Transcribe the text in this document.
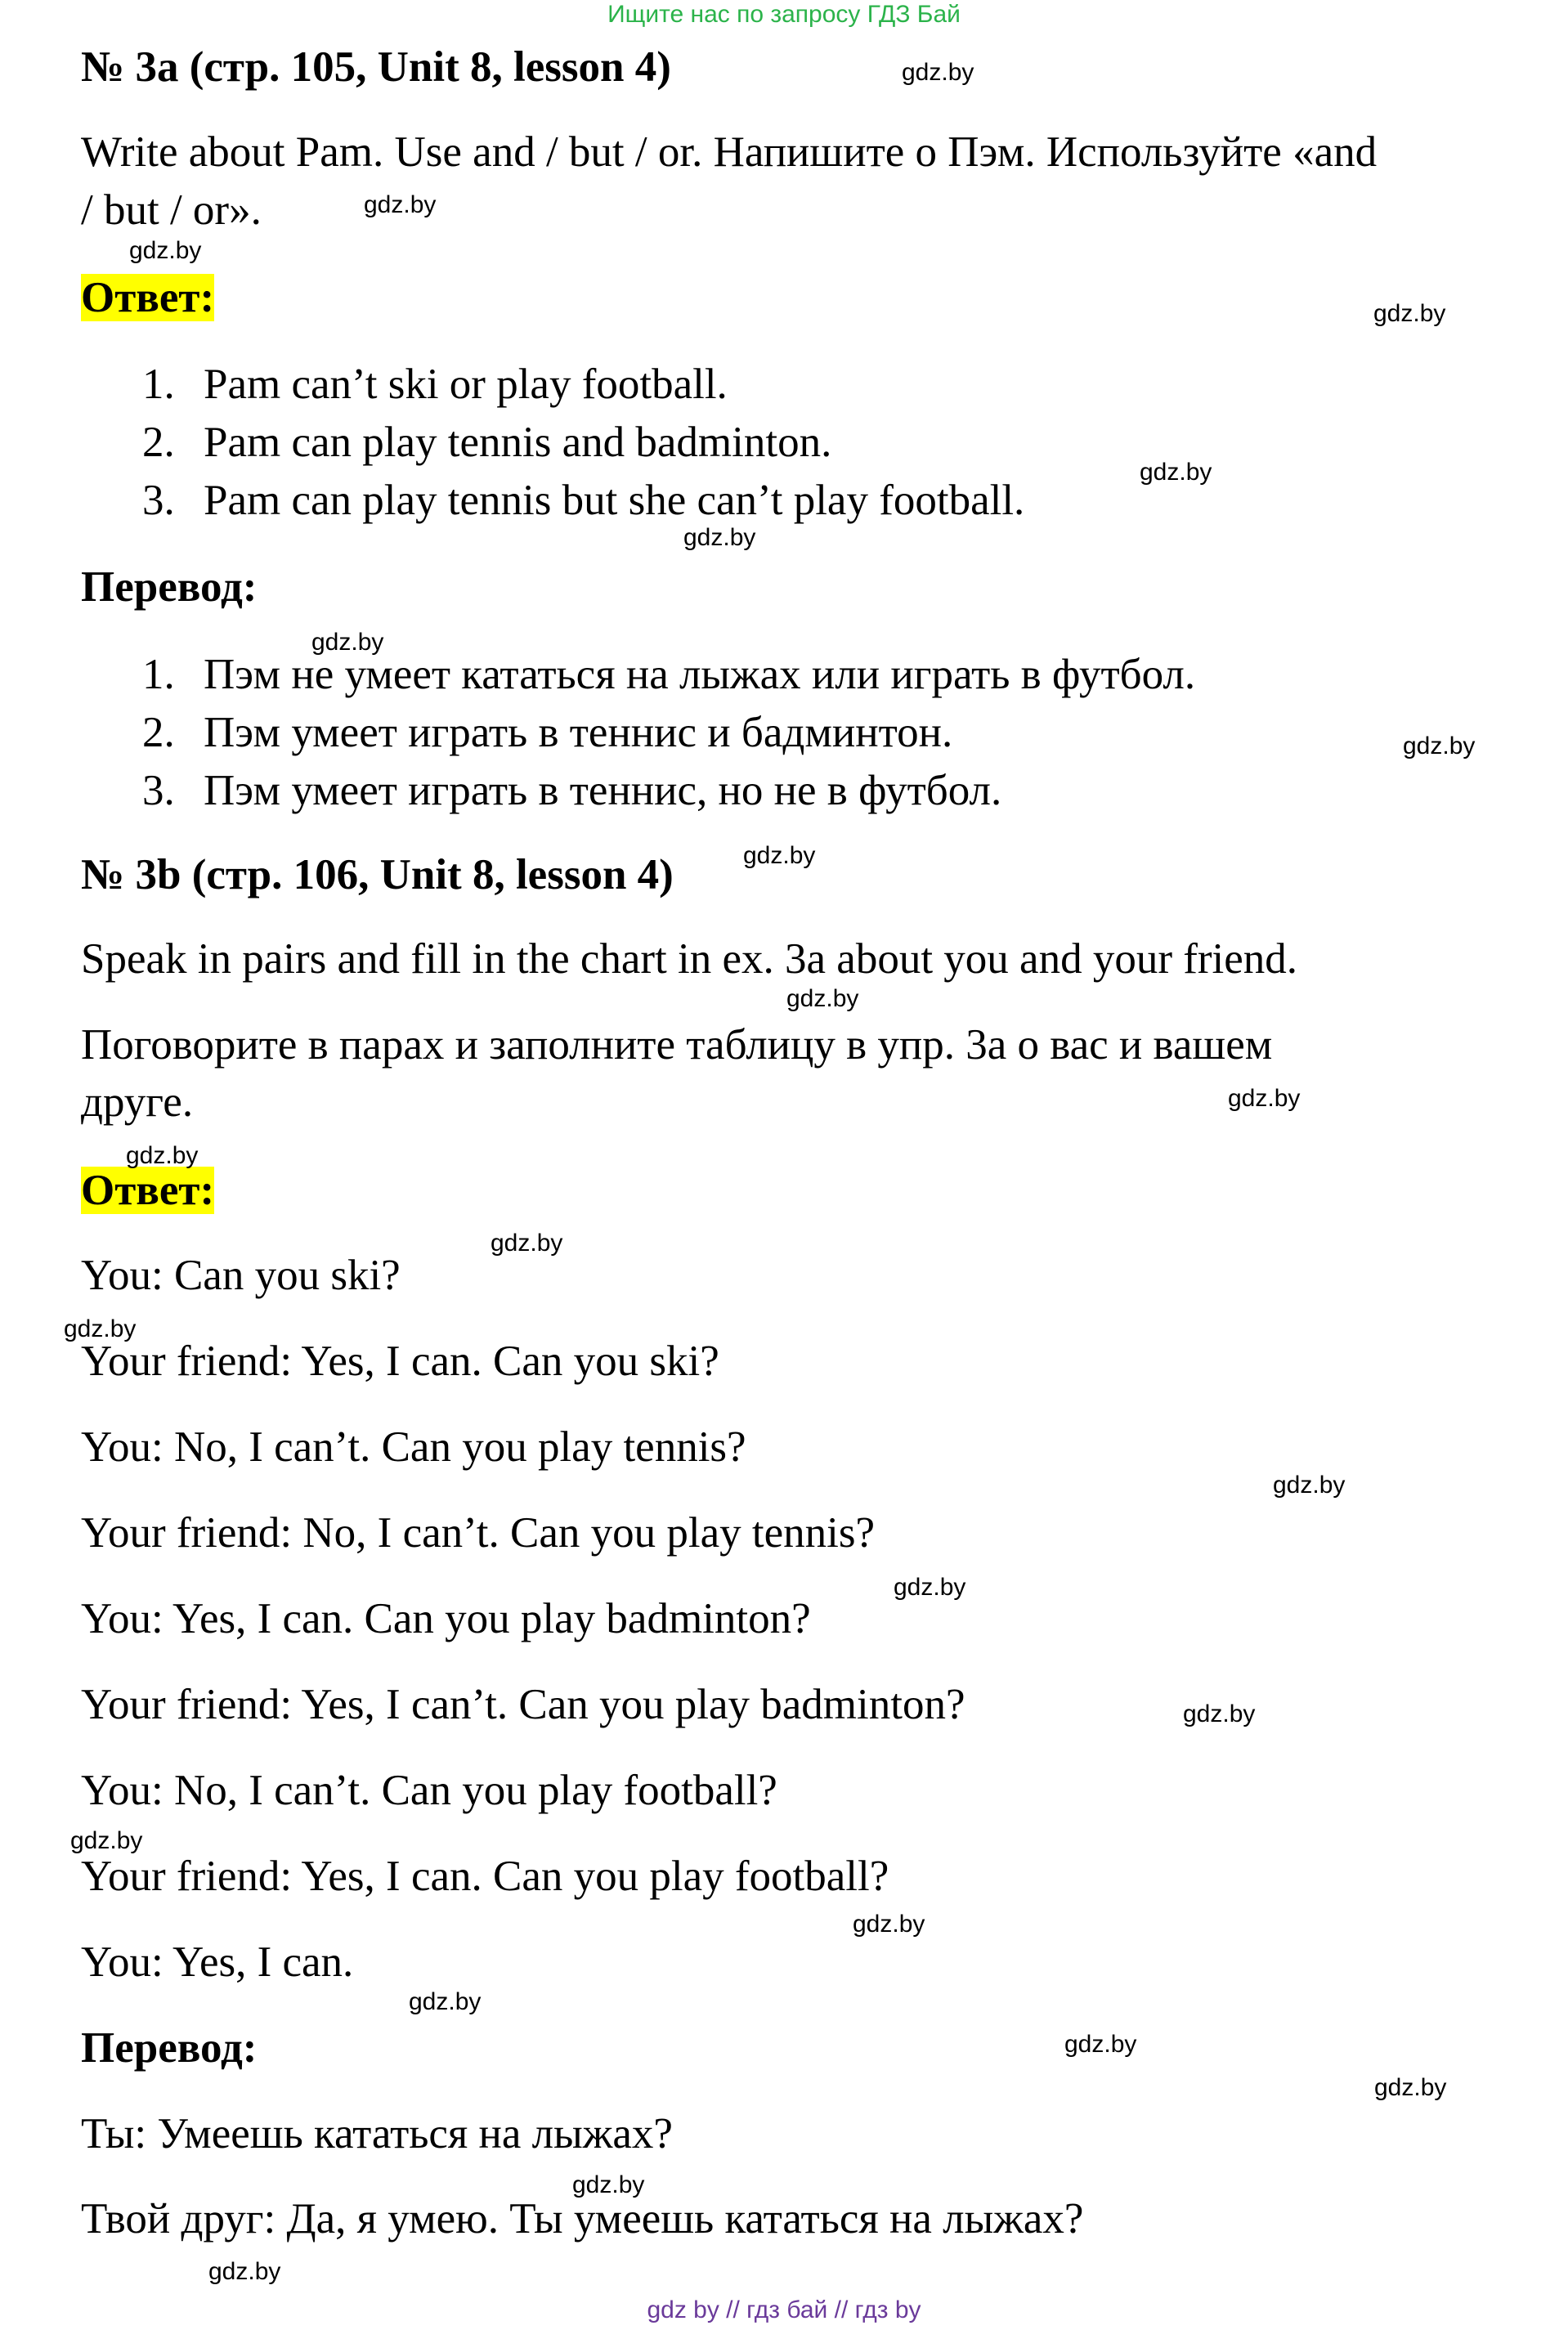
Ищите нас по запросу ГДЗ Бай
№ 3a (стр. 105, Unit 8, lesson 4)
Write about Pam. Use and / but / or. Напишите о Пэм. Используйте «and
/ but / or».
Ответ:
1. Pam can’t ski or play football.
2. Pam can play tennis and badminton.
3. Pam can play tennis but she can’t play football.
Перевод:
1. Пэм не умеет кататься на лыжах или играть в футбол.
2. Пэм умеет играть в теннис и бадминтон.
3. Пэм умеет играть в теннис, но не в футбол.
№ 3b (стр. 106, Unit 8, lesson 4)
Speak in pairs and fill in the chart in ex. 3a about you and your friend.
Поговорите в парах и заполните таблицу в упр. 3а о вас и вашем
друге.
Ответ:
You: Can you ski?
Your friend: Yes, I can. Can you ski?
You: No, I can’t. Can you play tennis?
Your friend: No, I can’t. Can you play tennis?
You: Yes, I can. Can you play badminton?
Your friend: Yes, I can’t. Can you play badminton?
You: No, I can’t. Can you play football?
Your friend: Yes, I can. Can you play football?
You: Yes, I can.
Перевод:
Ты: Умеешь кататься на лыжах?
Твой друг: Да, я умею. Ты умеешь кататься на лыжах?
gdz.by
gdz.by
gdz.by
gdz.by
gdz.by
gdz.by
gdz.by
gdz.by
gdz.by
gdz.by
gdz.by
gdz.by
gdz.by
gdz.by
gdz.by
gdz.by
gdz.by
gdz.by
gdz.by
gdz.by
gdz.by
gdz.by
gdz.by
gdz.by
gdz by // гдз бай // гдз by
